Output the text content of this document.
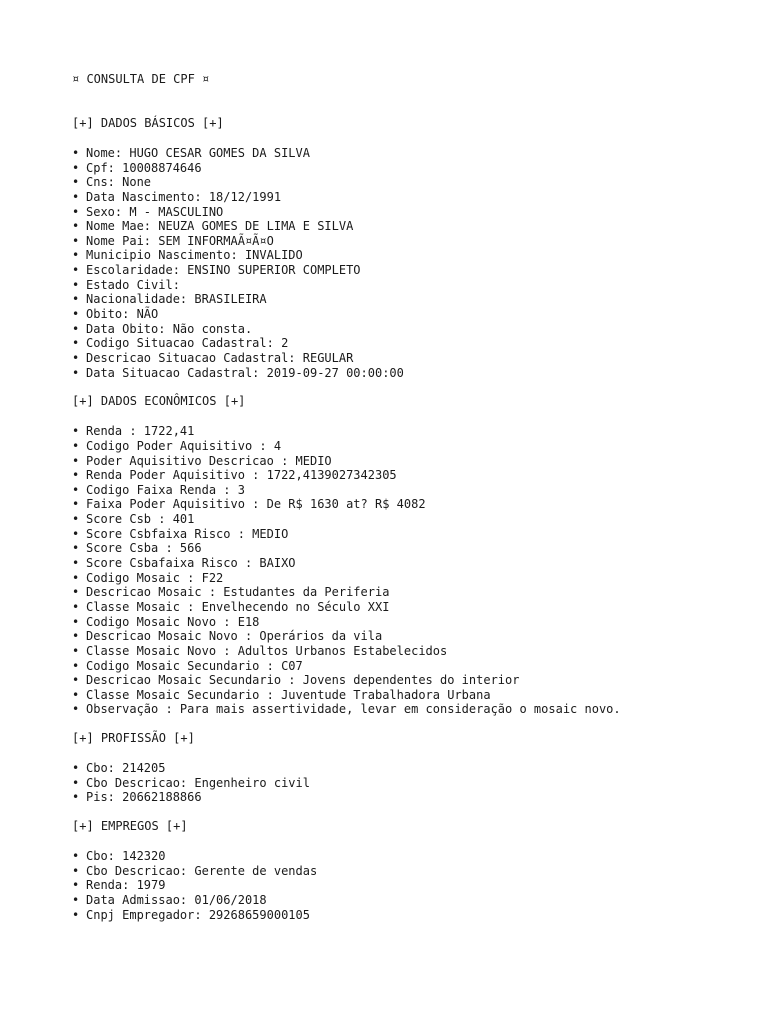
¤ CONSULTA DE CPF ¤
[+] DADOS BÁSICOS [+]
• Nome: HUGO CESAR GOMES DA SILVA
• Cpf: 10008874646
• Cns: None
• Data Nascimento: 18/12/1991
• Sexo: M - MASCULINO
• Nome Mae: NEUZA GOMES DE LIMA E SILVA
• Nome Pai: SEM INFORMAÃ¤Ã¤O
• Municipio Nascimento: INVALIDO
• Escolaridade: ENSINO SUPERIOR COMPLETO
• Estado Civil:
• Nacionalidade: BRASILEIRA
• Obito: NÃO
• Data Obito: Não consta.
• Codigo Situacao Cadastral: 2
• Descricao Situacao Cadastral: REGULAR
• Data Situacao Cadastral: 2019-09-27 00:00:00
[+] DADOS ECONÔMICOS [+]
• Renda : 1722,41
• Codigo Poder Aquisitivo : 4
• Poder Aquisitivo Descricao : MEDIO
• Renda Poder Aquisitivo : 1722,4139027342305
• Codigo Faixa Renda : 3
• Faixa Poder Aquisitivo : De R$ 1630 at? R$ 4082
• Score Csb : 401
• Score Csbfaixa Risco : MEDIO
• Score Csba : 566
• Score Csbafaixa Risco : BAIXO
• Codigo Mosaic : F22
• Descricao Mosaic : Estudantes da Periferia
• Classe Mosaic : Envelhecendo no Século XXI
• Codigo Mosaic Novo : E18
• Descricao Mosaic Novo : Operários da vila
• Classe Mosaic Novo : Adultos Urbanos Estabelecidos
• Codigo Mosaic Secundario : C07
• Descricao Mosaic Secundario : Jovens dependentes do interior
• Classe Mosaic Secundario : Juventude Trabalhadora Urbana
• Observação : Para mais assertividade, levar em consideração o mosaic novo.
[+] PROFISSÃO [+]
• Cbo: 214205
• Cbo Descricao: Engenheiro civil
• Pis: 20662188866
[+] EMPREGOS [+]
• Cbo: 142320
• Cbo Descricao: Gerente de vendas
• Renda: 1979
• Data Admissao: 01/06/2018
• Cnpj Empregador: 29268659000105
